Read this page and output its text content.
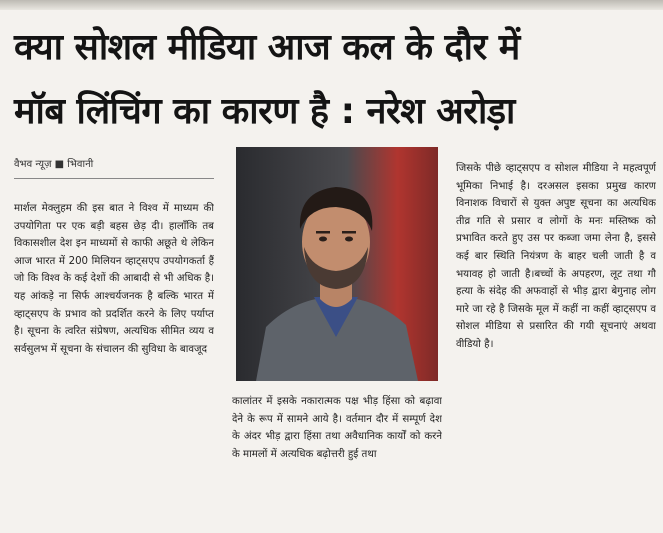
क्या सोशल मीडिया आज कल के दौर में
मॉब लिंचिंग का कारण है : नरेश अरोड़ा
वैभव न्यूज़ ■ भिवानी

मार्शल मेक्लुहम की इस बात ने विश्व में माध्यम की उपयोगिता पर एक बड़ी बहस छेड़ दी। हालाँकि तब विकासशील देश इन माध्यमों से काफी अछूते थे लेकिन आज भारत में 200 मिलियन व्हाट्सएप उपयोगकर्ता हैं जो कि विश्व के कई देशों की आबादी से भी अधिक है। यह आंकड़े ना सिर्फ आश्चर्यजनक है बल्कि भारत में व्हाट्सएप के प्रभाव को प्रदर्शित करने के लिए पर्याप्त है। सूचना के त्वरित संप्रेषण, अत्यधिक सीमित व्यय व सर्वसुलभ में सूचना के संचालन की सुविधा के बावजूद

कालांतर में इसके नकारात्मक पक्ष भीड़ हिंसा को बढ़ावा देने के रूप में सामने आये है। वर्तमान दौर में सम्पूर्ण देश के अंदर भीड़ द्वारा हिंसा तथा अवैधानिक कार्यों को करने के मामलों में अत्यधिक बढ़ोत्तरी हुई तथा

जिसके पीछे व्हाट्सएप व सोशल मीडिया ने महत्वपूर्ण भूमिका निभाई है। दरअसल इसका प्रमुख कारण विनाशक विचारों से युक्त अपुष्ट सूचना का अत्यधिक तीव्र गति से प्रसार व लोगों के मनः मस्तिष्क को प्रभावित करते हुए उस पर कब्जा जमा लेना है, इससे कई बार स्थिति नियंत्रण के बाहर चली जाती है व भयावह हो जाती है।बच्चों के अपहरण, लूट तथा गौ हत्या के संदेह की अफवाहों से भीड़ द्वारा बेगुनाह लोग मारे जा रहे है जिसके मूल में कहीं ना कहीं व्हाट्सएप व सोशल मीडिया से प्रसारित की गयी सूचनाएं अथवा वीडियो है।
